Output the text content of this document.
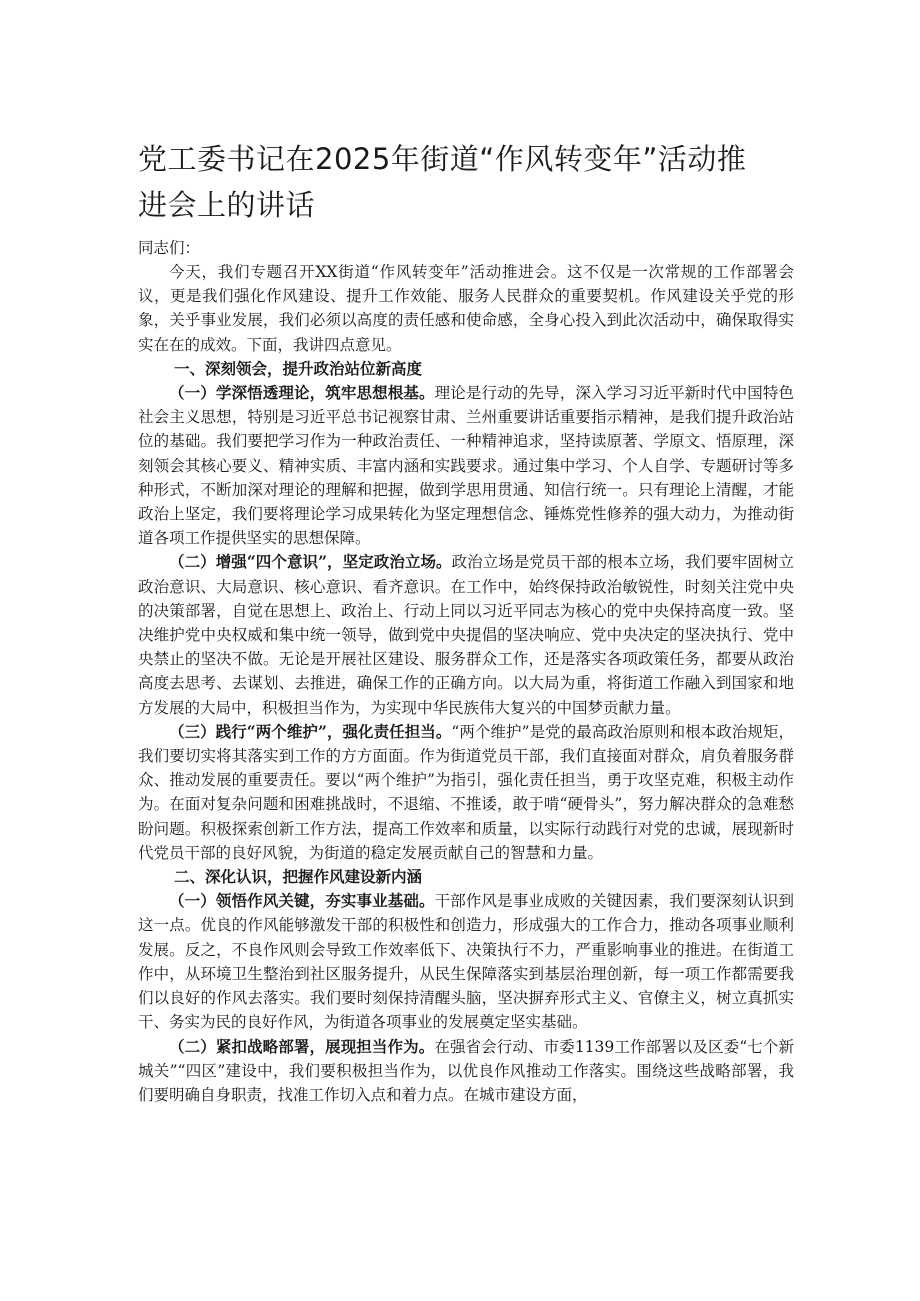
党工委书记在2025年街道“作风转变年”活动推进会上的讲话

同志们：

今天，我们专题召开XX街道“作风转变年”活动推进会。这不仅是一次常规的工作部署会议，更是我们强化作风建设、提升工作效能、服务人民群众的重要契机。作风建设关乎党的形象，关乎事业发展，我们必须以高度的责任感和使命感，全身心投入到此次活动中，确保取得实实在在的成效。下面，我讲四点意见。

一、深刻领会，提升政治站位新高度

（一）学深悟透理论，筑牢思想根基。理论是行动的先导，深入学习习近平新时代中国特色社会主义思想，特别是习近平总书记视察甘肃、兰州重要讲话重要指示精神，是我们提升政治站位的基础。我们要把学习作为一种政治责任、一种精神追求，坚持读原著、学原文、悟原理，深刻领会其核心要义、精神实质、丰富内涵和实践要求。通过集中学习、个人自学、专题研讨等多种形式，不断加深对理论的理解和把握，做到学思用贯通、知信行统一。只有理论上清醒，才能政治上坚定，我们要将理论学习成果转化为坚定理想信念、锤炼党性修养的强大动力，为推动街道各项工作提供坚实的思想保障。

（二）增强“四个意识”，坚定政治立场。政治立场是党员干部的根本立场，我们要牢固树立政治意识、大局意识、核心意识、看齐意识。在工作中，始终保持政治敏锐性，时刻关注党中央的决策部署，自觉在思想上、政治上、行动上同以习近平同志为核心的党中央保持高度一致。坚决维护党中央权威和集中统一领导，做到党中央提倡的坚决响应、党中央决定的坚决执行、党中央禁止的坚决不做。无论是开展社区建设、服务群众工作，还是落实各项政策任务，都要从政治高度去思考、去谋划、去推进，确保工作的正确方向。以大局为重，将街道工作融入到国家和地方发展的大局中，积极担当作为，为实现中华民族伟大复兴的中国梦贡献力量。

（三）践行“两个维护”，强化责任担当。“两个维护”是党的最高政治原则和根本政治规矩，我们要切实将其落实到工作的方方面面。作为街道党员干部，我们直接面对群众，肩负着服务群众、推动发展的重要责任。要以“两个维护”为指引，强化责任担当，勇于攻坚克难，积极主动作为。在面对复杂问题和困难挑战时，不退缩、不推诿，敢于啃“硬骨头”，努力解决群众的急难愁盼问题。积极探索创新工作方法，提高工作效率和质量，以实际行动践行对党的忠诚，展现新时代党员干部的良好风貌，为街道的稳定发展贡献自己的智慧和力量。

二、深化认识，把握作风建设新内涵

（一）领悟作风关键，夯实事业基础。干部作风是事业成败的关键因素，我们要深刻认识到这一点。优良的作风能够激发干部的积极性和创造力，形成强大的工作合力，推动各项事业顺利发展。反之，不良作风则会导致工作效率低下、决策执行不力，严重影响事业的推进。在街道工作中，从环境卫生整治到社区服务提升，从民生保障落实到基层治理创新，每一项工作都需要我们以良好的作风去落实。我们要时刻保持清醒头脑，坚决摒弃形式主义、官僚主义，树立真抓实干、务实为民的良好作风，为街道各项事业的发展奠定坚实基础。

（二）紧扣战略部署，展现担当作为。在强省会行动、市委1139工作部署以及区委“七个新城关”“四区”建设中，我们要积极担当作为，以优良作风推动工作落实。围绕这些战略部署，我们要明确自身职责，找准工作切入点和着力点。在城市建设方面，
